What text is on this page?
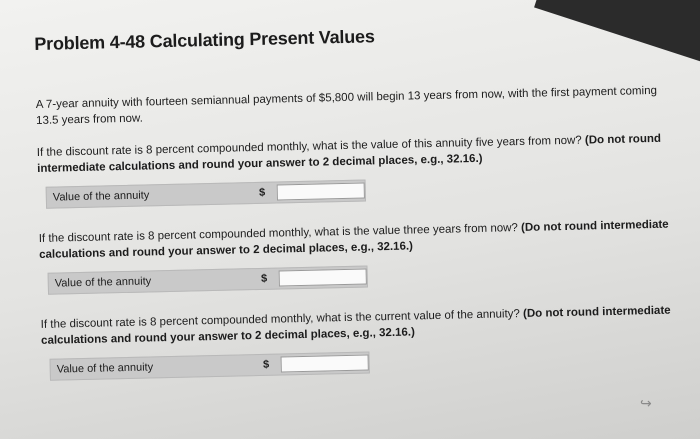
Problem 4-48 Calculating Present Values

A 7-year annuity with fourteen semiannual payments of $5,800 will begin 13 years from now, with the first payment coming 13.5 years from now.

If the discount rate is 8 percent compounded monthly, what is the value of this annuity five years from now? (Do not round intermediate calculations and round your answer to 2 decimal places, e.g., 32.16.)

Value of the annuity	$

If the discount rate is 8 percent compounded monthly, what is the value three years from now? (Do not round intermediate calculations and round your answer to 2 decimal places, e.g., 32.16.)

Value of the annuity	$

If the discount rate is 8 percent compounded monthly, what is the current value of the annuity? (Do not round intermediate calculations and round your answer to 2 decimal places, e.g., 32.16.)

Value of the annuity	$
↪
